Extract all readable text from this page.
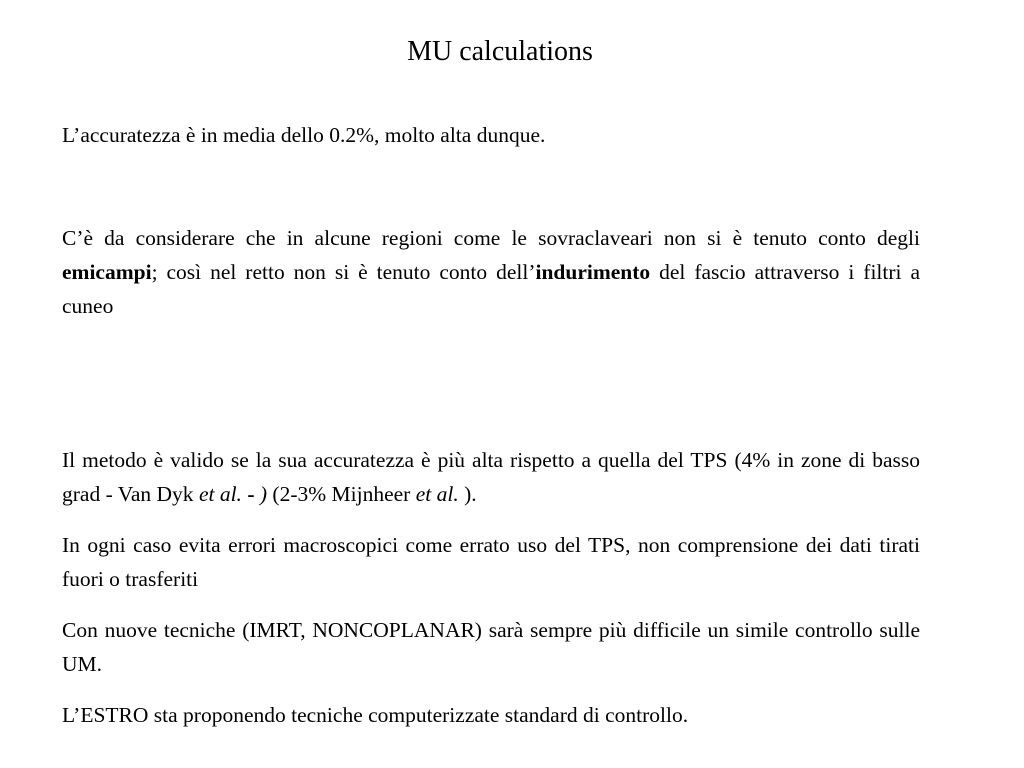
MU calculations

L’accuratezza è in media dello 0.2%, molto alta dunque.

C’è da considerare che in alcune regioni come le sovraclaveari non si è tenuto conto degli emicampi; così nel retto non si è tenuto conto dell’indurimento del fascio attraverso i filtri a cuneo

Il metodo è valido se la sua accuratezza è più alta rispetto a quella del TPS (4% in zone di basso grad - Van Dyk et al. - ) (2-3% Mijnheer et al. ).

In ogni caso evita errori macroscopici come errato uso del TPS, non comprensione dei dati tirati fuori o trasferiti

Con nuove tecniche (IMRT, NONCOPLANAR) sarà sempre più difficile un simile controllo sulle UM.

L’ESTRO sta proponendo tecniche computerizzate standard di controllo.
